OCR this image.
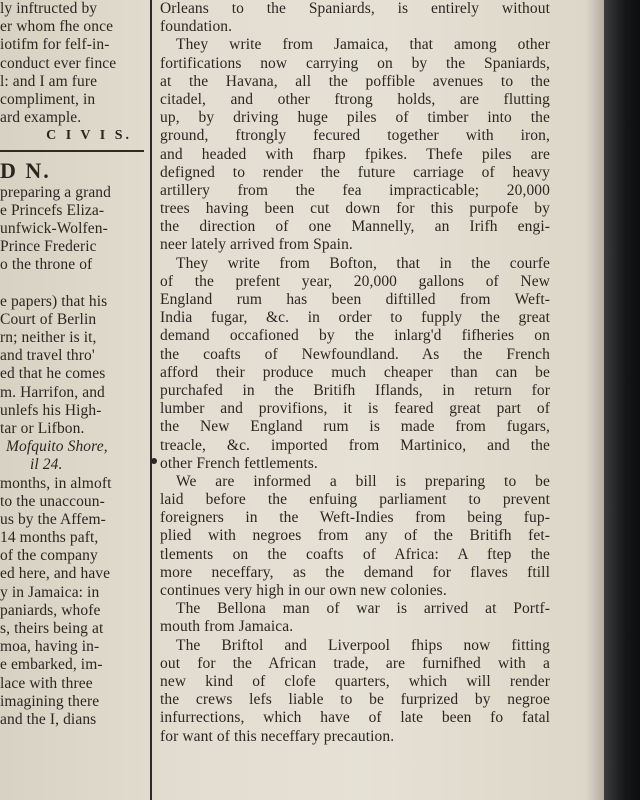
ly inftructed by
er whom fhe once
iotifm for felf-in-
conduct ever fince
l: and I am fure
compliment, in
ard example.
C I V I S.
D N.
preparing a grand
e Princefs Eliza-
unfwick-Wolfen-
Prince Frederic
o the throne of
e papers) that his
Court of Berlin
rn; neither is it,
and travel thro'
ed that he comes
m. Harrifon, and
unlefs his High-
tar or Lifbon.
Mofquito Shore,
il 24.
months, in almoft
to the unaccoun-
us by the Affem-
14 months paft,
of the company
ed here, and have
y in Jamaica: in
paniards, whofe
s, theirs being at
moa, having in-
e embarked, im-
lace with three
imagining there
and the I, dians
Orleans to the Spaniards, is entirely without
foundation.
They write from Jamaica, that among other
fortifications now carrying on by the Spaniards,
at the Havana, all the poffible avenues to the
citadel, and other ftrong holds, are flutting
up, by driving huge piles of timber into the
ground, ftrongly fecured together with iron,
and headed with fharp fpikes. Thefe piles are
defigned to render the future carriage of heavy
artillery from the fea impracticable; 20,000
trees having been cut down for this purpofe by
the direction of one Mannelly, an Irifh engi-
neer lately arrived from Spain.
They write from Bofton, that in the courfe
of the prefent year, 20,000 gallons of New
England rum has been diftilled from Weft-
India fugar, &c. in order to fupply the great
demand occafioned by the inlarg'd fifheries on
the coafts of Newfoundland. As the French
afford their produce much cheaper than can be
purchafed in the Britifh Iflands, in return for
lumber and provifions, it is feared great part of
the New England rum is made from fugars,
treacle, &c. imported from Martinico, and the
other French fettlements.
We are informed a bill is preparing to be
laid before the enfuing parliament to prevent
foreigners in the Weft-Indies from being fup-
plied with negroes from any of the Britifh fet-
tlements on the coafts of Africa: A ftep the
more neceffary, as the demand for flaves ftill
continues very high in our own new colonies.
The Bellona man of war is arrived at Portf-
mouth from Jamaica.
The Briftol and Liverpool fhips now fitting
out for the African trade, are furnifhed with a
new kind of clofe quarters, which will render
the crews lefs liable to be furprized by negroe
infurrections, which have of late been fo fatal
for want of this neceffary precaution.
